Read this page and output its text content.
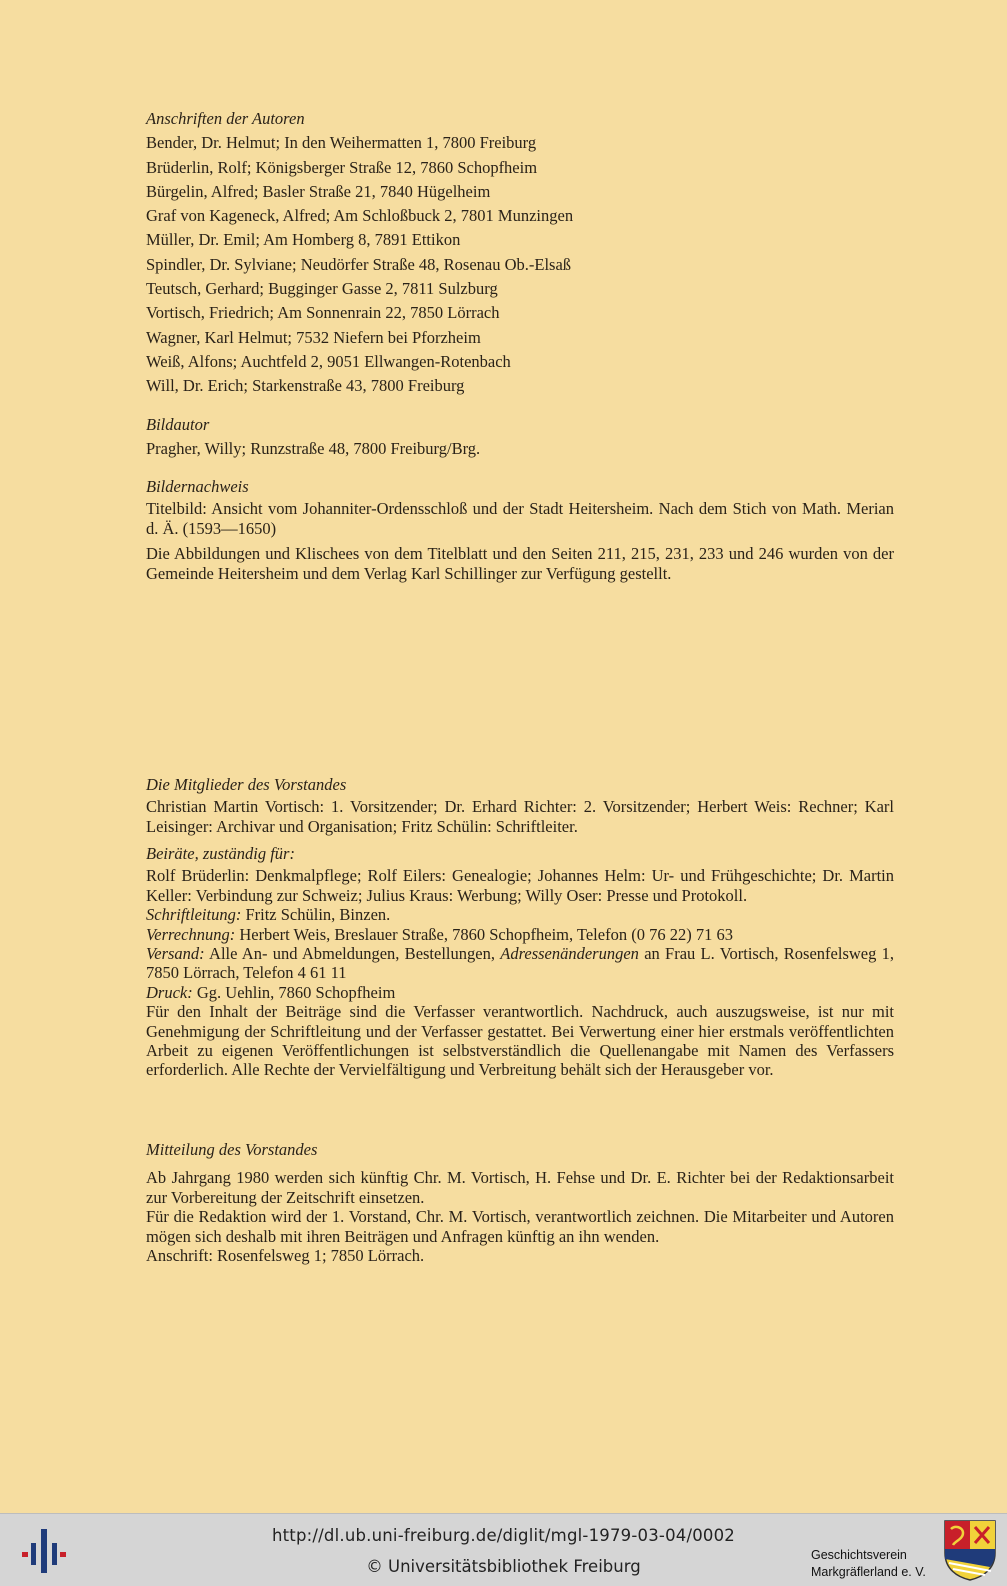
Anschriften der Autoren

Bender, Dr. Helmut; In den Weihermatten 1, 7800 Freiburg

Brüderlin, Rolf; Königsberger Straße 12, 7860 Schopfheim

Bürgelin, Alfred; Basler Straße 21, 7840 Hügelheim

Graf von Kageneck, Alfred; Am Schloßbuck 2, 7801 Munzingen

Müller, Dr. Emil; Am Homberg 8, 7891 Ettikon

Spindler, Dr. Sylviane; Neudörfer Straße 48, Rosenau Ob.-Elsaß

Teutsch, Gerhard; Bugginger Gasse 2, 7811 Sulzburg

Vortisch, Friedrich; Am Sonnenrain 22, 7850 Lörrach

Wagner, Karl Helmut; 7532 Niefern bei Pforzheim

Weiß, Alfons; Auchtfeld 2, 9051 Ellwangen-Rotenbach

Will, Dr. Erich; Starkenstraße 43, 7800 Freiburg

Bildautor

Pragher, Willy; Runzstraße 48, 7800 Freiburg/Brg.

Bildernachweis

Titelbild: Ansicht vom Johanniter-Ordensschloß und der Stadt Heitersheim. Nach dem Stich von Math. Merian d. Ä. (1593—1650)

Die Abbildungen und Klischees von dem Titelblatt und den Seiten 211, 215, 231, 233 und 246 wurden von der Gemeinde Heitersheim und dem Verlag Karl Schillinger zur Verfügung gestellt.

Die Mitglieder des Vorstandes

Christian Martin Vortisch: 1. Vorsitzender; Dr. Erhard Richter: 2. Vorsitzender; Herbert Weis: Rechner; Karl Leisinger: Archivar und Organisation; Fritz Schülin: Schriftleiter.

Beiräte, zuständig für:

Rolf Brüderlin: Denkmalpflege; Rolf Eilers: Genealogie; Johannes Helm: Ur- und Frühgeschichte; Dr. Martin Keller: Verbindung zur Schweiz; Julius Kraus: Werbung; Willy Oser: Presse und Protokoll.

Schriftleitung: Fritz Schülin, Binzen.

Verrechnung: Herbert Weis, Breslauer Straße, 7860 Schopfheim, Telefon (0 76 22) 71 63

Versand: Alle An- und Abmeldungen, Bestellungen, Adressenänderungen an Frau L. Vortisch, Rosenfelsweg 1, 7850 Lörrach, Telefon 4 61 11

Druck: Gg. Uehlin, 7860 Schopfheim

Für den Inhalt der Beiträge sind die Verfasser verantwortlich. Nachdruck, auch auszugsweise, ist nur mit Genehmigung der Schriftleitung und der Verfasser gestattet. Bei Verwertung einer hier erstmals veröffentlichten Arbeit zu eigenen Veröffentlichungen ist selbstverständlich die Quellenangabe mit Namen des Verfassers erforderlich. Alle Rechte der Vervielfältigung und Verbreitung behält sich der Herausgeber vor.

Mitteilung des Vorstandes

Ab Jahrgang 1980 werden sich künftig Chr. M. Vortisch, H. Fehse und Dr. E. Richter bei der Redaktionsarbeit zur Vorbereitung der Zeitschrift einsetzen.

Für die Redaktion wird der 1. Vorstand, Chr. M. Vortisch, verantwortlich zeichnen. Die Mitarbeiter und Autoren mögen sich deshalb mit ihren Beiträgen und Anfragen künftig an ihn wenden.

Anschrift: Rosenfelsweg 1; 7850 Lörrach.

http://dl.ub.uni-freiburg.de/diglit/mgl-1979-03-04/0002
© Universitätsbibliothek Freiburg
Geschichtsverein
Markgräflerland e. V.
